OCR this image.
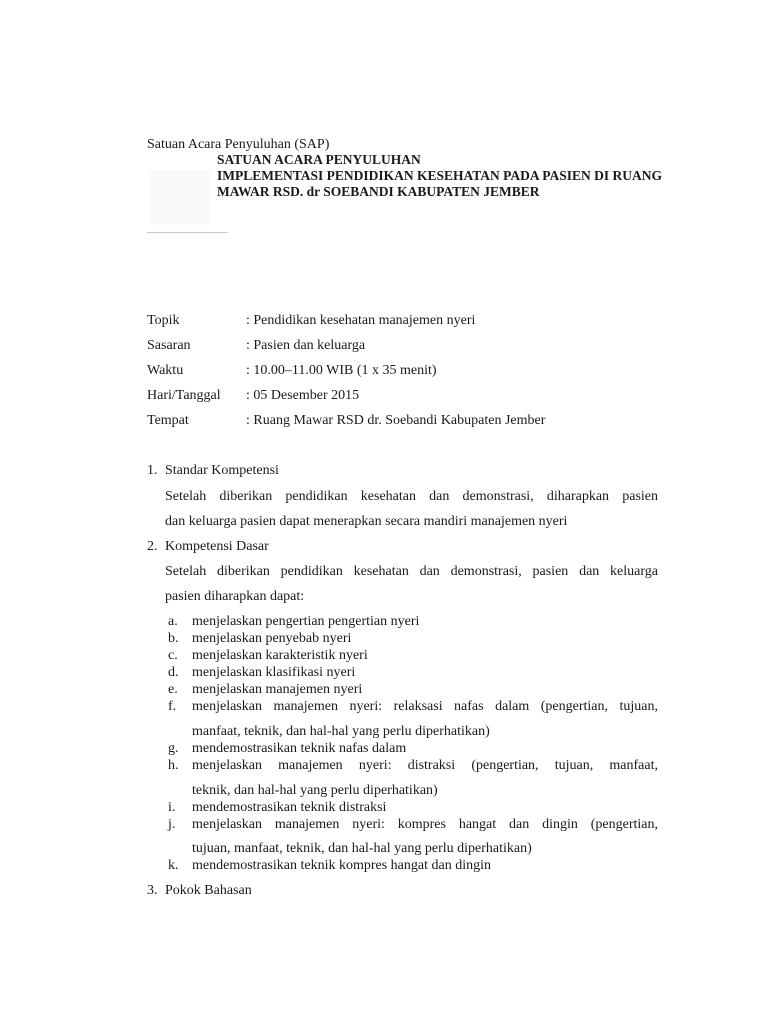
Satuan Acara Penyuluhan (SAP)
SATUAN ACARA PENYULUHAN
IMPLEMENTASI PENDIDIKAN KESEHATAN PADA PASIEN DI RUANG
MAWAR RSD. dr SOEBANDI KABUPATEN JEMBER
Topik	: Pendidikan kesehatan manajemen nyeri
Sasaran	: Pasien dan keluarga
Waktu	: 10.00–11.00 WIB (1 x 35 menit)
Hari/Tanggal : 05 Desember 2015
Tempat	: Ruang Mawar RSD dr. Soebandi Kabupaten Jember
1. Standar Kompetensi
Setelah diberikan pendidikan kesehatan dan demonstrasi, diharapkan pasien
dan keluarga pasien dapat menerapkan secara mandiri manajemen nyeri
2. Kompetensi Dasar
Setelah diberikan pendidikan kesehatan dan demonstrasi, pasien dan keluarga
pasien diharapkan dapat:
a. menjelaskan pengertian pengertian nyeri
b. menjelaskan penyebab nyeri
c. menjelaskan karakteristik nyeri
d. menjelaskan klasifikasi nyeri
e. menjelaskan manajemen nyeri
f. menjelaskan manajemen nyeri: relaksasi nafas dalam (pengertian, tujuan,
manfaat, teknik, dan hal-hal yang perlu diperhatikan)
g. mendemostrasikan teknik nafas dalam
h. menjelaskan manajemen nyeri: distraksi (pengertian, tujuan, manfaat,
teknik, dan hal-hal yang perlu diperhatikan)
i. mendemostrasikan teknik distraksi
j. menjelaskan manajemen nyeri: kompres hangat dan dingin (pengertian,
tujuan, manfaat, teknik, dan hal-hal yang perlu diperhatikan)
k. mendemostrasikan teknik kompres hangat dan dingin
3. Pokok Bahasan
